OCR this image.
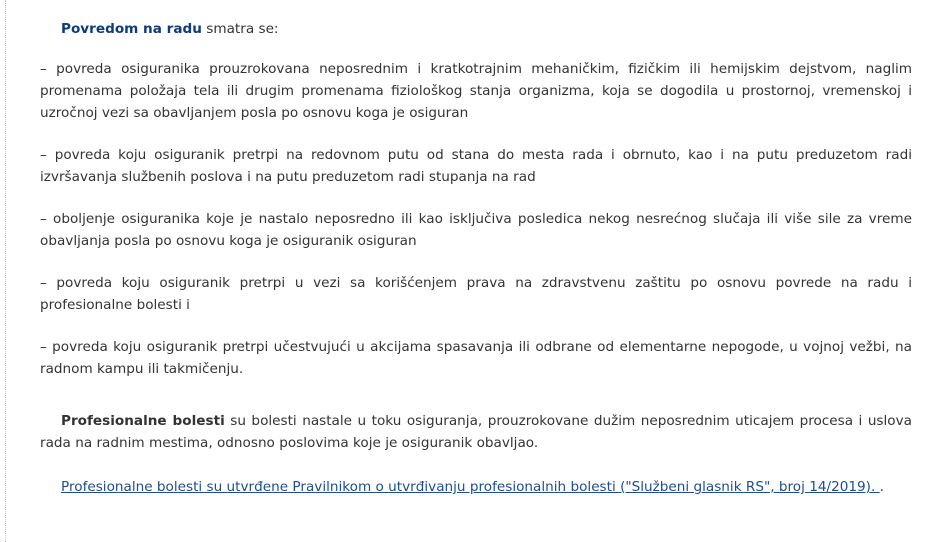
Povredom na radu smatra se:

– povreda osiguranika prouzrokovana neposrednim i kratkotrajnim mehaničkim, fizičkim ili hemijskim dejstvom, naglim promenama položaja tela ili drugim promenama fiziološkog stanja organizma, koja se dogodila u prostornoj, vremenskoj i uzročnoj vezi sa obavljanjem posla po osnovu koga je osiguran

– povreda koju osiguranik pretrpi na redovnom putu od stana do mesta rada i obrnuto, kao i na putu preduzetom radi izvršavanja službenih poslova i na putu preduzetom radi stupanja na rad

– oboljenje osiguranika koje je nastalo neposredno ili kao isključiva posledica nekog nesrećnog slučaja ili više sile za vreme obavljanja posla po osnovu koga je osiguranik osiguran

– povreda koju osiguranik pretrpi u vezi sa korišćenjem prava na zdravstvenu zaštitu po osnovu povrede na radu i profesionalne bolesti i

– povreda koju osiguranik pretrpi učestvujući u akcijama spasavanja ili odbrane od elementarne nepogode, u vojnoj vežbi, na radnom kampu ili takmičenju.

Profesionalne bolesti su bolesti nastale u toku osiguranja, prouzrokovane dužim neposrednim uticajem procesa i uslova rada na radnim mestima, odnosno poslovima koje je osiguranik obavljao.

Profesionalne bolesti su utvrđene Pravilnikom o utvrđivanju profesionalnih bolesti ("Službeni glasnik RS", broj 14/2019). .
